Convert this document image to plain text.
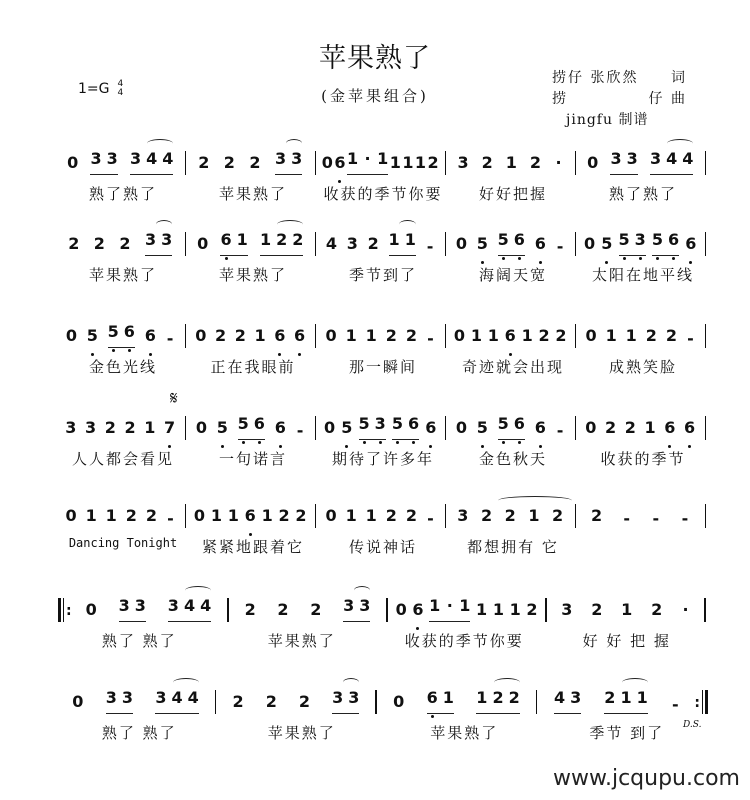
苹果熟了
(金苹果组合)
1=G 4
4
捞仔 张欣然 词
捞	仔 曲
jingfu 制谱
0 3 3 3 4 4 2 2 2 3 3 0 6 1 · 1 1 1 1 2 3 2 1 2 · 0 3 3 3 4 4
熟了熟了	苹果熟了	收获的季节你要	好好把握	熟了熟了
2 2 2 3 3 0 6 1 1 2 2 4 3 2 1 1 - 0 5 5 6 6 - 0 5 5 3 5 6 6
苹果熟了	苹果熟了	季节到了	海阔天宽	太阳在地平线
0 5 5 6 6 - 0 2 2 1 6 6 0 1 1 2 2 - 0 1 1 6 1 2 2 0 1 1 2 2 -
金色光线	正在我眼前	那一瞬间	奇迹就会出现	成熟笑脸
3 3 2 2 1 7 0 5 5 6 6 - 0 5 5 3 5 6 6 0 5 5 6 6 - 0 2 2 1 6 6
人人都会看见	一句诺言	期待了许多年	金色秋天	收获的季节
0 1 1 2 2 - 0 1 1 6 1 2 2 0 1 1 2 2 - 3 2 2 1 2 2 - - -
Dancing Tonight	紧紧地跟着它	传说神话	都想拥有 它
: 0 3 3 3 4 4 2 2 2 3 3 0 6 1 · 1 1 1 1 2 3 2 1 2 ·
熟了 熟了	苹果熟了	收获的季节你要	好 好 把 握
0 3 3 3 4 4 2 2 2 3 3 0 6 1 1 2 2 4 3 2 1 1 - :
熟了 熟了	苹果熟了	苹果熟了	季节 到了
𝄋
D.S.
www.jcqupu.com
